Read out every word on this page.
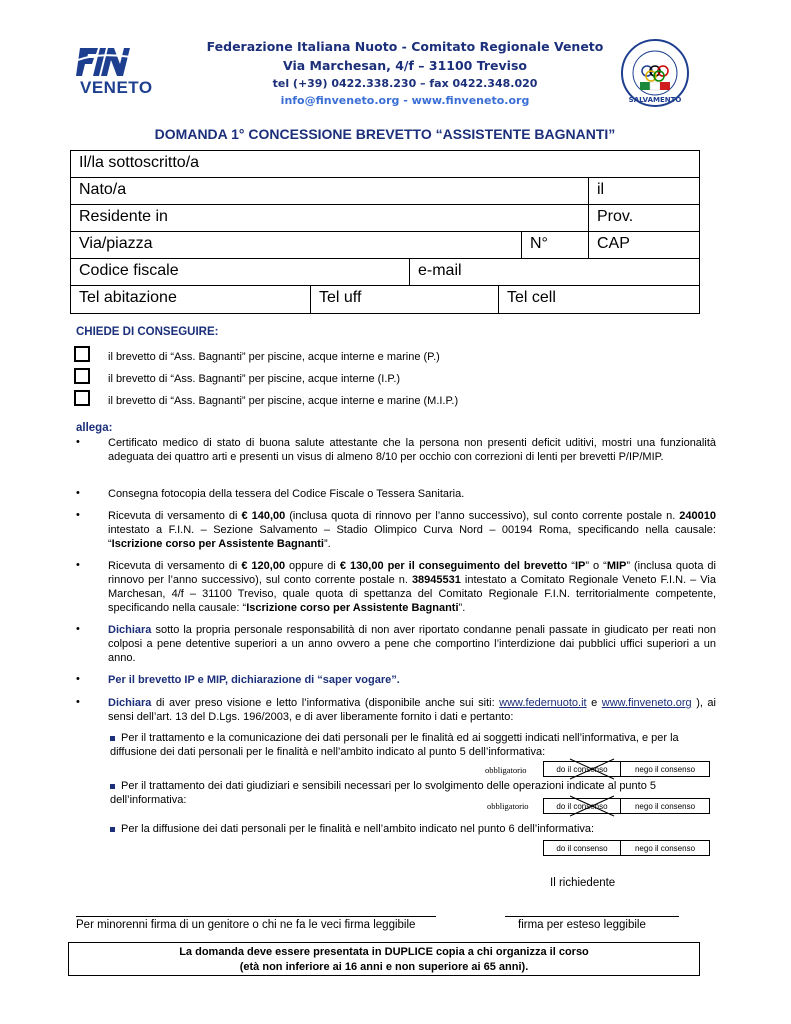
VENETO
Federazione Italiana Nuoto - Comitato Regionale Veneto
Via Marchesan, 4/f – 31100 Treviso
tel (+39) 0422.338.230 – fax 0422.348.020
info@finveneto.org - www.finveneto.org	SALVAMENTO
DOMANDA 1° CONCESSIONE BREVETTO “ASSISTENTE BAGNANTI”
Il/la sottoscritto/a
Nato/a	il
Residente in	Prov.
Via/piazza	N°	CAP
Codice fiscale	e-mail
Tel abitazione	Tel uff	Tel cell
CHIEDE DI CONSEGUIRE:
il brevetto di “Ass. Bagnanti” per piscine, acque interne e marine (P.)
il brevetto di “Ass. Bagnanti” per piscine, acque interne (I.P.)
il brevetto di “Ass. Bagnanti” per piscine, acque interne e marine (M.I.P.)
allega:
•	Certificato medico di stato di buona salute attestante che la persona non presenti deficit uditivi, mostri una funzionalità adeguata dei quattro arti e presenti un visus di almeno 8/10 per occhio con correzioni di lenti per brevetti P/IP/MIP.
•	Consegna fotocopia della tessera del Codice Fiscale o Tessera Sanitaria.
•	Ricevuta di versamento di € 140,00 (inclusa quota di rinnovo per l’anno successivo), sul conto corrente postale n. 240010 intestato a F.I.N. – Sezione Salvamento – Stadio Olimpico Curva Nord – 00194 Roma, specificando nella causale: “Iscrizione corso per Assistente Bagnanti”.
•	Ricevuta di versamento di € 120,00 oppure di € 130,00 per il conseguimento del brevetto “IP” o “MIP” (inclusa quota di rinnovo per l’anno successivo), sul conto corrente postale n. 38945531 intestato a Comitato Regionale Veneto F.I.N. – Via Marchesan, 4/f – 31100 Treviso, quale quota di spettanza del Comitato Regionale F.I.N. territorialmente competente, specificando nella causale: “Iscrizione corso per Assistente Bagnanti”.
•	Dichiara sotto la propria personale responsabilità di non aver riportato condanne penali passate in giudicato per reati non colposi a pene detentive superiori a un anno ovvero a pene che comportino l’interdizione dai pubblici uffici superiori a un anno.
•	Per il brevetto IP e MIP, dichiarazione di “saper vogare”.
•	Dichiara di aver preso visione e letto l’informativa (disponibile anche sui siti: www.federnuoto.it e www.finveneto.org ), ai sensi dell’art. 13 del D.Lgs. 196/2003, e di aver liberamente fornito i dati e pertanto:
Per il trattamento e la comunicazione dei dati personali per le finalità ed ai soggetti indicati nell’informativa, e per la diffusione dei dati personali per le finalità e nell’ambito indicato al punto 5 dell’informativa:
obbligatorio	do il consenso	nego il consenso
Per il trattamento dei dati giudiziari e sensibili necessari per lo svolgimento delle operazioni indicate al punto 5 dell’informativa:	obbligatorio	do il consenso	nego il consenso
Per la diffusione dei dati personali per le finalità e nell’ambito indicato nel punto 6 dell’informativa:
do il consenso	nego il consenso
Il richiedente
Per minorenni firma di un genitore o chi ne fa le veci firma leggibile	firma per esteso leggibile
La domanda deve essere presentata in DUPLICE copia a chi organizza il corso
(età non inferiore ai 16 anni e non superiore ai 65 anni).
